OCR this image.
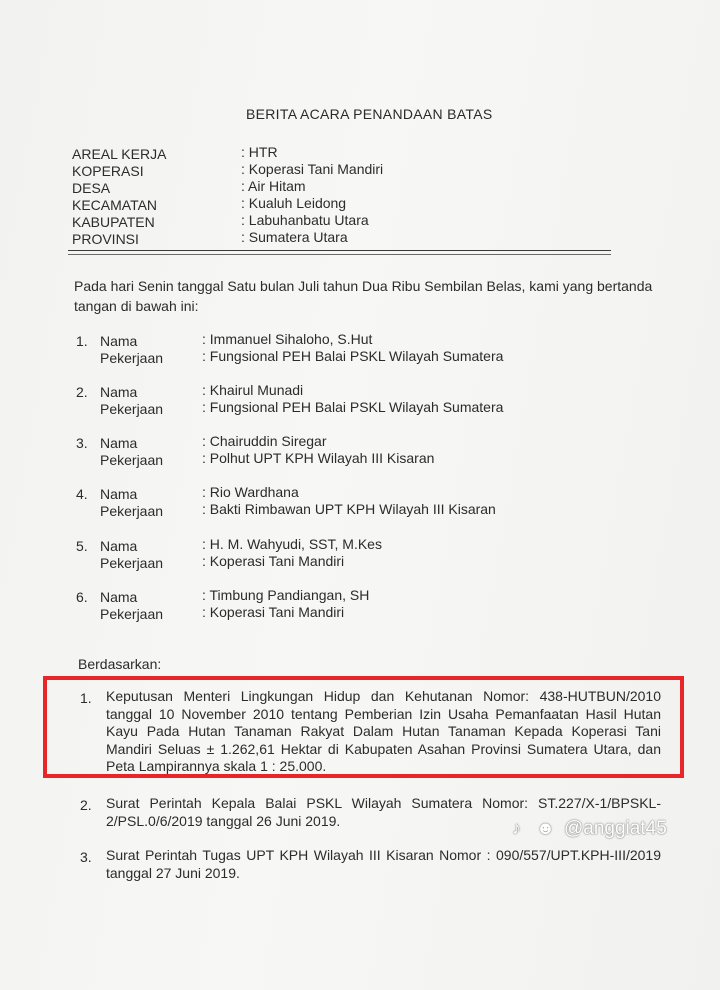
BERITA ACARA PENANDAAN BATAS
AREAL KERJA	: HTR
KOPERASI	: Koperasi Tani Mandiri
DESA	: Air Hitam
KECAMATAN	: Kualuh Leidong
KABUPATEN	: Labuhanbatu Utara
PROVINSI	: Sumatera Utara
Pada hari Senin tanggal Satu bulan Juli tahun Dua Ribu Sembilan Belas, kami yang bertanda
tangan di bawah ini:
1. Nama	: Immanuel Sihaloho, S.Hut
Pekerjaan	: Fungsional PEH Balai PSKL Wilayah Sumatera
2. Nama	: Khairul Munadi
Pekerjaan	: Fungsional PEH Balai PSKL Wilayah Sumatera
3. Nama	: Chairuddin Siregar
Pekerjaan	: Polhut UPT KPH Wilayah III Kisaran
4. Nama	: Rio Wardhana
Pekerjaan	: Bakti Rimbawan UPT KPH Wilayah III Kisaran
5. Nama	: H. M. Wahyudi, SST, M.Kes
Pekerjaan	: Koperasi Tani Mandiri
6. Nama	: Timbung Pandiangan, SH
Pekerjaan	: Koperasi Tani Mandiri
Berdasarkan:
1. Keputusan Menteri Lingkungan Hidup dan Kehutanan Nomor: 438-HUTBUN/2010 tanggal 10 November 2010 tentang Pemberian Izin Usaha Pemanfaatan Hasil Hutan Kayu Pada Hutan Tanaman Rakyat Dalam Hutan Tanaman Kepada Koperasi Tani Mandiri Seluas ± 1.262,61 Hektar di Kabupaten Asahan Provinsi Sumatera Utara, dan Peta Lampirannya skala 1 : 25.000.
2. Surat Perintah Kepala Balai PSKL Wilayah Sumatera Nomor: ST.227/X-1/BPSKL-2/PSL.0/6/2019 tanggal 26 Juni 2019.
3. Surat Perintah Tugas UPT KPH Wilayah III Kisaran Nomor : 090/557/UPT.KPH-III/2019 tanggal 27 Juni 2019.
♪ ☻ @anggiat45
